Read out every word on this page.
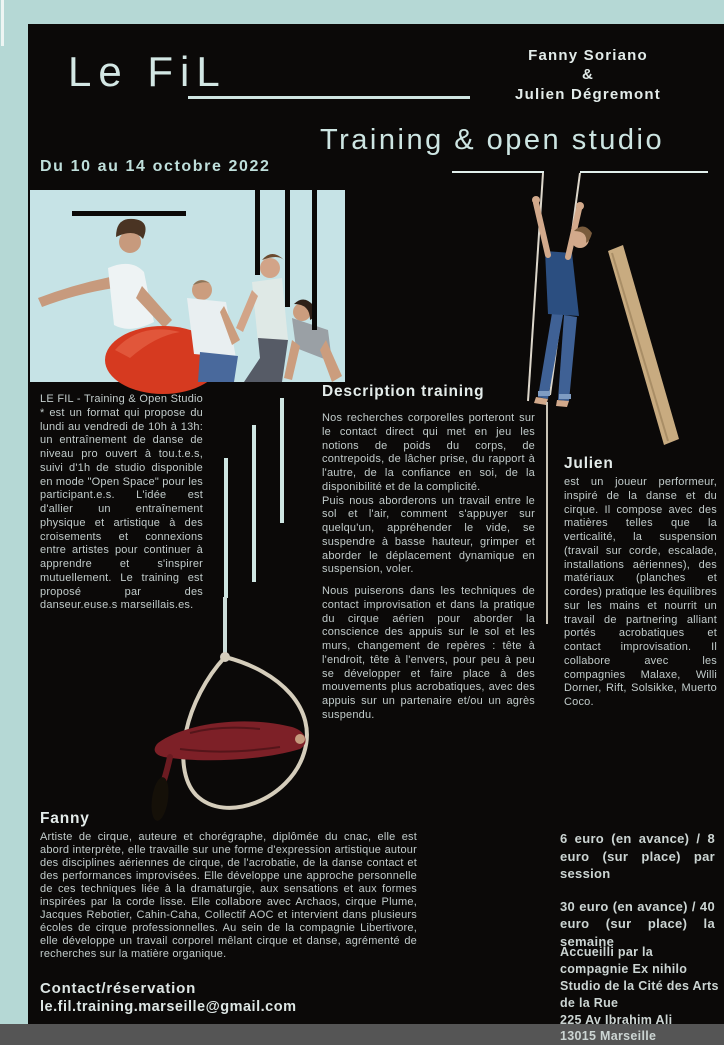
Le FiL	Fanny Soriano
&
Julien Dégremont
Training & open studio
Du 10 au 14 octobre 2022
LE FIL - Training & Open Studio * est un format qui propose du lundi au vendredi de 10h à 13h: un entraînement de danse de niveau pro ouvert à tou.t.e.s, suivi d'1h de studio disponible en mode "Open Space" pour les participant.e.s. L'idée est d'allier un entraînement physique et artistique à des croisements et connexions entre artistes pour continuer à apprendre et s'inspirer mutuellement. Le training est proposé par des danseur.euse.s marseillais.es.
Description training

Nos recherches corporelles porteront sur le contact direct qui met en jeu les notions de poids du corps, de contrepoids, de lâcher prise, du rapport à l'autre, de la confiance en soi, de la disponibilité et de la complicité.

Puis nous aborderons un travail entre le sol et l'air, comment s'appuyer sur quelqu'un, appréhender le vide, se suspendre à basse hauteur, grimper et aborder le déplacement dynamique en suspension, voler.

Nous puiserons dans les techniques de contact improvisation et dans la pratique du cirque aérien pour aborder la conscience des appuis sur le sol et les murs, changement de repères : tête à l'endroit, tête à l'envers, pour peu à peu se développer et faire place à des mouvements plus acrobatiques, avec des appuis sur un partenaire et/ou un agrès suspendu.

Julien
est un joueur performeur, inspiré de la danse et du cirque. Il compose avec des matières telles que la verticalité, la suspension (travail sur corde, escalade, installations aériennes), des matériaux (planches et cordes) pratique les équilibres sur les mains et nourrit un travail de partnering alliant portés acrobatiques et contact improvisation. Il collabore avec les compagnies Malaxe, Willi Dorner, Rift, Solsikke, Muerto Coco.
Fanny
Artiste de cirque, auteure et chorégraphe, diplômée du cnac, elle est abord interprète, elle travaille sur une forme d'expression artistique autour des disciplines aériennes de cirque, de l'acrobatie, de la danse contact et des performances improvisées. Elle développe une approche personnelle de ces techniques liée à la dramaturgie, aux sensations et aux formes inspirées par la corde lisse. Elle collabore avec Archaos, cirque Plume, Jacques Rebotier, Cahin-Caha, Collectif AOC et intervient dans plusieurs écoles de cirque professionnelles. Au sein de la compagnie Libertivore, elle développe un travail corporel mêlant cirque et danse, agrémenté de recherches sur la matière organique.

6 euro (en avance) / 8 euro (sur place) par session

30 euro (en avance) / 40 euro (sur place) la semaine

Accueilli par la compagnie Ex nihilo
Studio de la Cité des Arts de la Rue
225 Av Ibrahim Ali
13015 Marseille

Contact/réservation

le.fil.training.marseille@gmail.com
